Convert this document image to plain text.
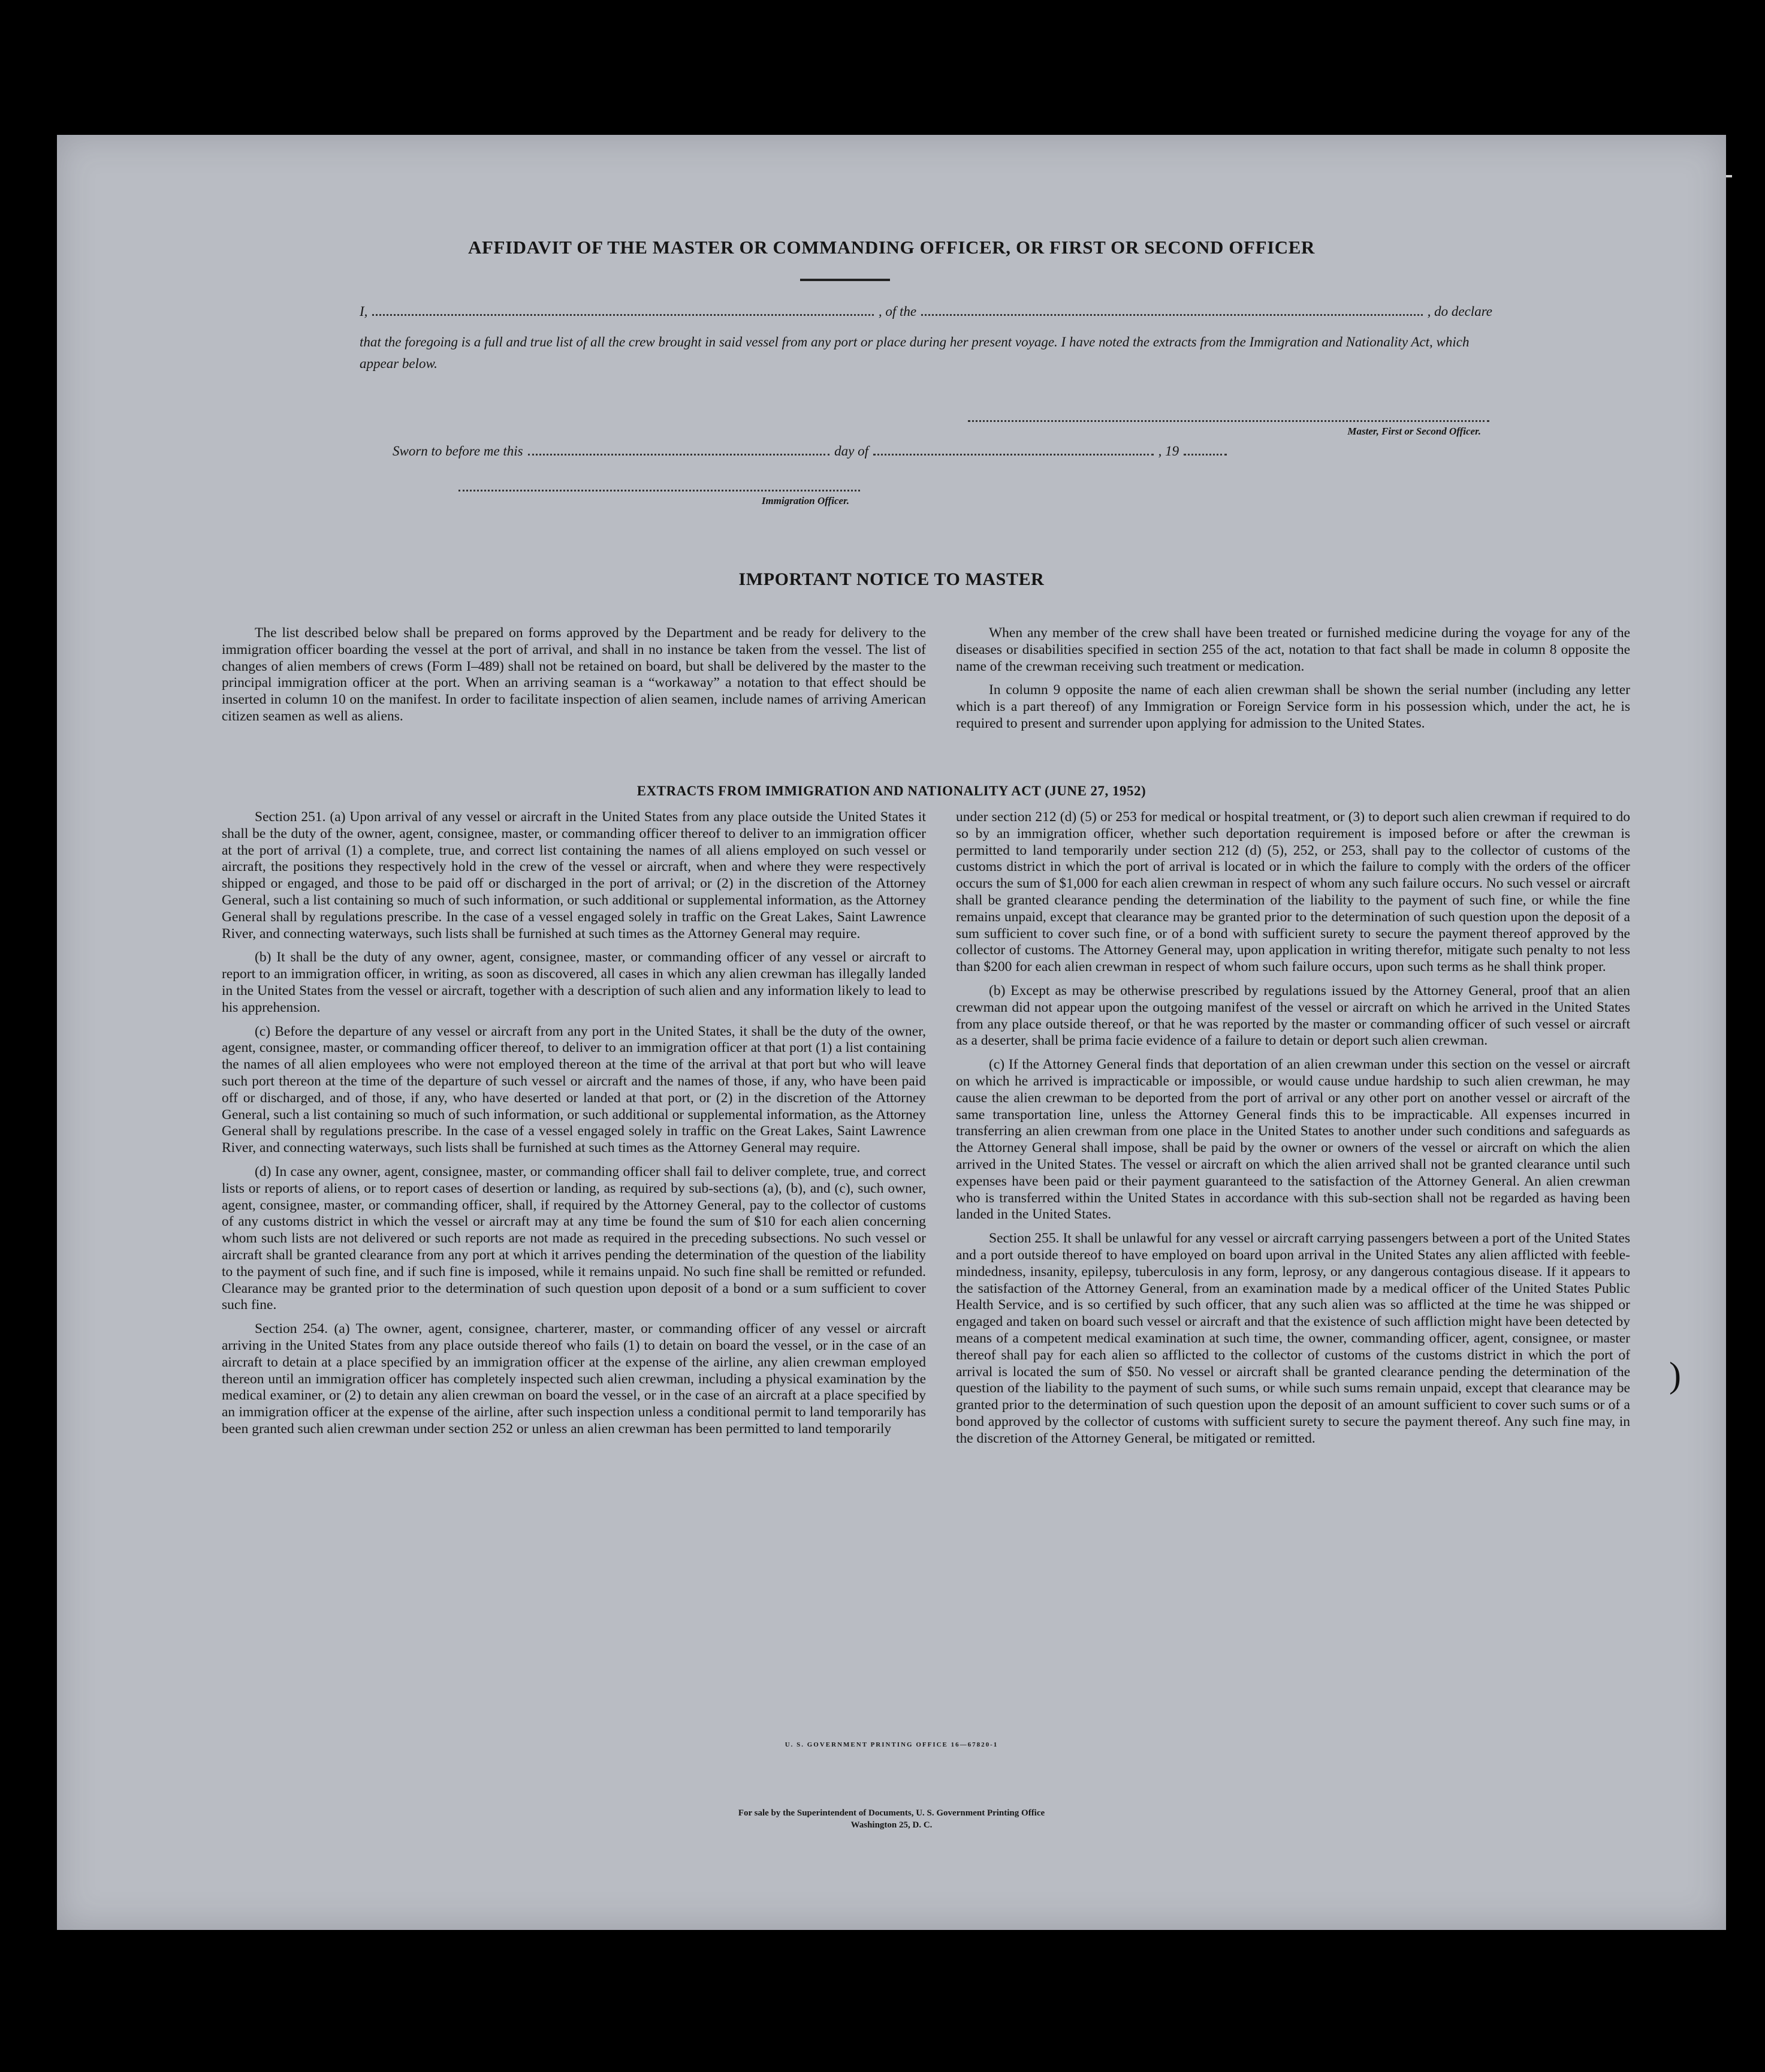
AFFIDAVIT OF THE MASTER OR COMMANDING OFFICER, OR FIRST OR SECOND OFFICER
I,	, of the	, do declare

that the foregoing is a full and true list of all the crew brought in said vessel from any port or place during her present voyage. I have noted the extracts from the Immigration and Nationality Act, which appear below.

Master, First or Second Officer.
Sworn to before me this	day of	, 19
Immigration Officer.
IMPORTANT NOTICE TO MASTER

The list described below shall be prepared on forms approved by the Department and be ready for delivery to the immigration officer boarding the vessel at the port of arrival, and shall in no instance be taken from the vessel. The list of changes of alien members of crews (Form I–489) shall not be retained on board, but shall be delivered by the master to the principal immigration officer at the port. When an arriving seaman is a “workaway” a notation to that effect should be inserted in column 10 on the manifest. In order to facilitate inspection of alien seamen, include names of arriving American citizen seamen as well as aliens.

When any member of the crew shall have been treated or furnished medicine during the voyage for any of the diseases or disabilities specified in section 255 of the act, notation to that fact shall be made in column 8 opposite the name of the crewman receiving such treatment or medication.

In column 9 opposite the name of each alien crewman shall be shown the serial number (including any letter which is a part thereof) of any Immigration or Foreign Service form in his possession which, under the act, he is required to present and surrender upon applying for admission to the United States.

EXTRACTS FROM IMMIGRATION AND NATIONALITY ACT (JUNE 27, 1952)

Section 251. (a) Upon arrival of any vessel or aircraft in the United States from any place outside the United States it shall be the duty of the owner, agent, consignee, master, or commanding officer thereof to deliver to an immigration officer at the port of arrival (1) a complete, true, and correct list containing the names of all aliens employed on such vessel or aircraft, the positions they respectively hold in the crew of the vessel or aircraft, when and where they were respectively shipped or engaged, and those to be paid off or discharged in the port of arrival; or (2) in the discretion of the Attorney General, such a list containing so much of such information, or such additional or supplemental information, as the Attorney General shall by regulations prescribe. In the case of a vessel engaged solely in traffic on the Great Lakes, Saint Lawrence River, and connecting waterways, such lists shall be furnished at such times as the Attorney General may require.

(b) It shall be the duty of any owner, agent, consignee, master, or commanding officer of any vessel or aircraft to report to an immigration officer, in writing, as soon as discovered, all cases in which any alien crewman has illegally landed in the United States from the vessel or aircraft, together with a description of such alien and any information likely to lead to his apprehension.

(c) Before the departure of any vessel or aircraft from any port in the United States, it shall be the duty of the owner, agent, consignee, master, or commanding officer thereof, to deliver to an immigration officer at that port (1) a list containing the names of all alien employees who were not employed thereon at the time of the arrival at that port but who will leave such port thereon at the time of the departure of such vessel or aircraft and the names of those, if any, who have been paid off or discharged, and of those, if any, who have deserted or landed at that port, or (2) in the discretion of the Attorney General, such a list containing so much of such information, or such additional or supplemental information, as the Attorney General shall by regulations prescribe. In the case of a vessel engaged solely in traffic on the Great Lakes, Saint Lawrence River, and connecting waterways, such lists shall be furnished at such times as the Attorney General may require.

(d) In case any owner, agent, consignee, master, or commanding officer shall fail to deliver complete, true, and correct lists or reports of aliens, or to report cases of desertion or landing, as required by sub-sections (a), (b), and (c), such owner, agent, consignee, master, or commanding officer, shall, if required by the Attorney General, pay to the collector of customs of any customs district in which the vessel or aircraft may at any time be found the sum of $10 for each alien concerning whom such lists are not delivered or such reports are not made as required in the preceding subsections. No such vessel or aircraft shall be granted clearance from any port at which it arrives pending the determination of the question of the liability to the payment of such fine, and if such fine is imposed, while it remains unpaid. No such fine shall be remitted or refunded. Clearance may be granted prior to the determination of such question upon deposit of a bond or a sum sufficient to cover such fine.

Section 254. (a) The owner, agent, consignee, charterer, master, or commanding officer of any vessel or aircraft arriving in the United States from any place outside thereof who fails (1) to detain on board the vessel, or in the case of an aircraft to detain at a place specified by an immigration officer at the expense of the airline, any alien crewman employed thereon until an immigration officer has completely inspected such alien crewman, including a physical examination by the medical examiner, or (2) to detain any alien crewman on board the vessel, or in the case of an aircraft at a place specified by an immigration officer at the expense of the airline, after such inspection unless a conditional permit to land temporarily has been granted such alien crewman under section 252 or unless an alien crewman has been permitted to land temporarily

under section 212 (d) (5) or 253 for medical or hospital treatment, or (3) to deport such alien crewman if required to do so by an immigration officer, whether such deportation requirement is imposed before or after the crewman is permitted to land temporarily under section 212 (d) (5), 252, or 253, shall pay to the collector of customs of the customs district in which the port of arrival is located or in which the failure to comply with the orders of the officer occurs the sum of $1,000 for each alien crewman in respect of whom any such failure occurs. No such vessel or aircraft shall be granted clearance pending the determination of the liability to the payment of such fine, or while the fine remains unpaid, except that clearance may be granted prior to the determination of such question upon the deposit of a sum sufficient to cover such fine, or of a bond with sufficient surety to secure the payment thereof approved by the collector of customs. The Attorney General may, upon application in writing therefor, mitigate such penalty to not less than $200 for each alien crewman in respect of whom such failure occurs, upon such terms as he shall think proper.

(b) Except as may be otherwise prescribed by regulations issued by the Attorney General, proof that an alien crewman did not appear upon the outgoing manifest of the vessel or aircraft on which he arrived in the United States from any place outside thereof, or that he was reported by the master or commanding officer of such vessel or aircraft as a deserter, shall be prima facie evidence of a failure to detain or deport such alien crewman.

(c) If the Attorney General finds that deportation of an alien crewman under this section on the vessel or aircraft on which he arrived is impracticable or impossible, or would cause undue hardship to such alien crewman, he may cause the alien crewman to be deported from the port of arrival or any other port on another vessel or aircraft of the same transportation line, unless the Attorney General finds this to be impracticable. All expenses incurred in transferring an alien crewman from one place in the United States to another under such conditions and safeguards as the Attorney General shall impose, shall be paid by the owner or owners of the vessel or aircraft on which the alien arrived in the United States. The vessel or aircraft on which the alien arrived shall not be granted clearance until such expenses have been paid or their payment guaranteed to the satisfaction of the Attorney General. An alien crewman who is transferred within the United States in accordance with this sub-section shall not be regarded as having been landed in the United States.

Section 255. It shall be unlawful for any vessel or aircraft carrying passengers between a port of the United States and a port outside thereof to have employed on board upon arrival in the United States any alien afflicted with feeble-mindedness, insanity, epilepsy, tuberculosis in any form, leprosy, or any dangerous contagious disease. If it appears to the satisfaction of the Attorney General, from an examination made by a medical officer of the United States Public Health Service, and is so certified by such officer, that any such alien was so afflicted at the time he was shipped or engaged and taken on board such vessel or aircraft and that the existence of such affliction might have been detected by means of a competent medical examination at such time, the owner, commanding officer, agent, consignee, or master thereof shall pay for each alien so afflicted to the collector of customs of the customs district in which the port of arrival is located the sum of $50. No vessel or aircraft shall be granted clearance pending the determination of the question of the liability to the payment of such sums, or while such sums remain unpaid, except that clearance may be granted prior to the determination of such question upon the deposit of an amount sufficient to cover such sums or of a bond approved by the collector of customs with sufficient surety to secure the payment thereof. Any such fine may, in the discretion of the Attorney General, be mitigated or remitted.

)

U. S. GOVERNMENT PRINTING OFFICE 16—67820-1

For sale by the Superintendent of Documents, U. S. Government Printing Office
Washington 25, D. C.
